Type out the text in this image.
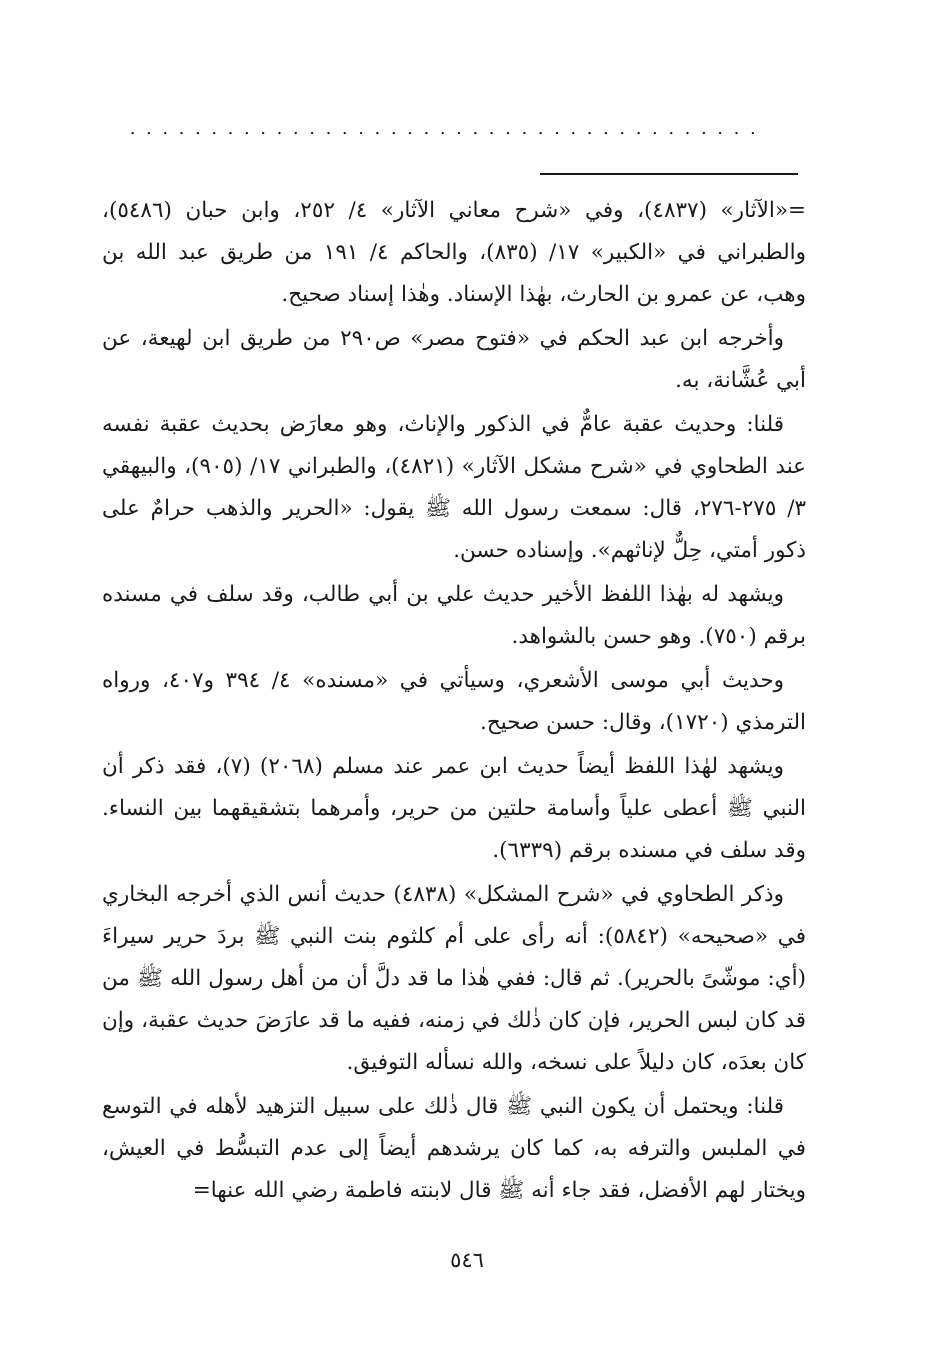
.......................................

=«الآثار» (٤٨٣٧)، وفي «شرح معاني الآثار» ٤/ ٢٥٢، وابن حبان (٥٤٨٦)، والطبراني في «الكبير» ١٧/ (٨٣٥)، والحاكم ٤/ ١٩١ من طريق عبد الله بن وهب، عن عمرو بن الحارث، بهٰذا الإسناد. وهٰذا إسناد صحيح.

وأخرجه ابن عبد الحكم في «فتوح مصر» ص٢٩٠ من طريق ابن لهيعة، عن أبي عُشَّانة، به.

قلنا: وحديث عقبة عامٌّ في الذكور والإناث، وهو معارَض بحديث عقبة نفسه عند الطحاوي في «شرح مشكل الآثار» (٤٨٢١)، والطبراني ١٧/ (٩٠٥)، والبيهقي ٣/ ٢٧٥-٢٧٦، قال: سمعت رسول الله ﷺ يقول: «الحرير والذهب حرامٌ على ذكور أمتي، حِلٌّ لإناثهم». وإسناده حسن.

ويشهد له بهٰذا اللفظ الأخير حديث علي بن أبي طالب، وقد سلف في مسنده برقم (٧٥٠). وهو حسن بالشواهد.

وحديث أبي موسى الأشعري، وسيأتي في «مسنده» ٤/ ٣٩٤ و٤٠٧، ورواه الترمذي (١٧٢٠)، وقال: حسن صحيح.

ويشهد لهٰذا اللفظ أيضاً حديث ابن عمر عند مسلم (٢٠٦٨) (٧)، فقد ذكر أن النبي ﷺ أعطى علياً وأسامة حلتين من حرير، وأمرهما بتشقيقهما بين النساء. وقد سلف في مسنده برقم (٦٣٣٩).

وذكر الطحاوي في «شرح المشكل» (٤٨٣٨) حديث أنس الذي أخرجه البخاري في «صحيحه» (٥٨٤٢): أنه رأى على أم كلثوم بنت النبي ﷺ بردَ حرير سيراءَ (أي: موشّىً بالحرير). ثم قال: ففي هٰذا ما قد دلَّ أن من أهل رسول الله ﷺ من قد كان لبس الحرير، فإن كان ذٰلك في زمنه، ففيه ما قد عارَضَ حديث عقبة، وإن كان بعدَه، كان دليلاً على نسخه، والله نسأله التوفيق.

قلنا: ويحتمل أن يكون النبي ﷺ قال ذٰلك على سبيل التزهيد لأهله في التوسع في الملبس والترفه به، كما كان يرشدهم أيضاً إلى عدم التبسُّط في العيش، ويختار لهم الأفضل، فقد جاء أنه ﷺ قال لابنته فاطمة رضي الله عنها=

٥٤٦
